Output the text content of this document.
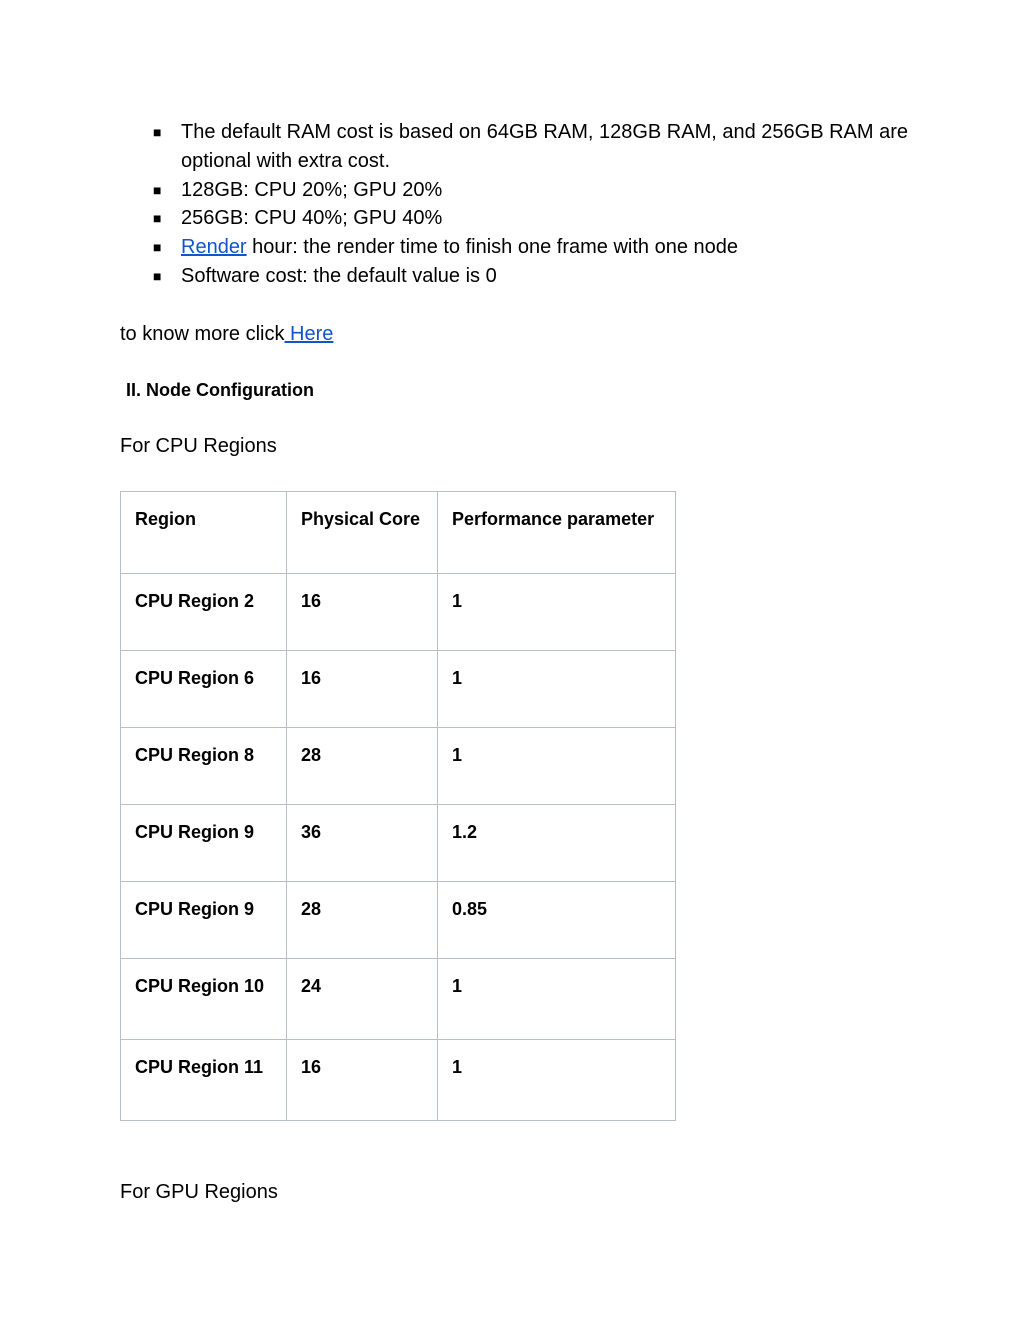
■ The default RAM cost is based on 64GB RAM, 128GB RAM, and 256GB RAM are optional with extra cost.
■ 128GB: CPU 20%; GPU 20%
■ 256GB: CPU 40%; GPU 40%
■ Render hour: the render time to finish one frame with one node
■ Software cost: the default value is 0

to know more click Here

II. Node Configuration

For CPU Regions

Region	Physical Core	Performance parameter
CPU Region 2	16	1
CPU Region 6	16	1
CPU Region 8	28	1
CPU Region 9	36	1.2
CPU Region 9	28	0.85
CPU Region 10	24	1
CPU Region 11	16	1

For GPU Regions
